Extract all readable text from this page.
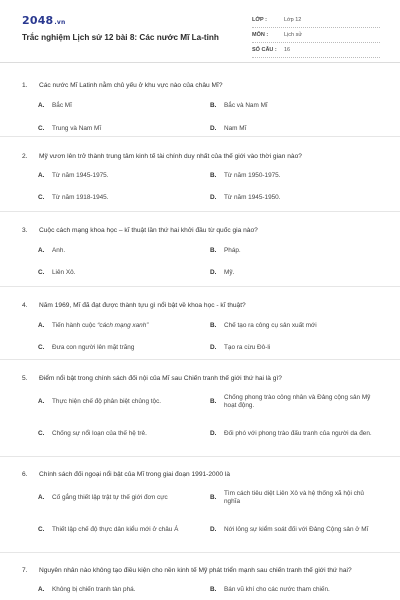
2048.vn
Trắc nghiệm Lịch sử 12 bài 8: Các nước Mĩ La-tinh
LỚP :	Lớp 12
MÔN :	Lịch sử
SỐ CÂU :	16
1.	Các nước Mĩ Latinh nằm chủ yếu ở khu vực nào của châu Mĩ?
A.	Bắc Mĩ	B.	Bắc và Nam Mĩ
C.	Trung và Nam Mĩ	D.	Nam Mĩ
2.	Mỹ vươn lên trở thành trung tâm kinh tế tài chính duy nhất của thế giới vào thời gian nào?
A.	Từ năm 1945-1975.	B.	Từ năm 1950-1975.
C.	Từ năm 1918-1945.	D.	Từ năm 1945-1950.
3.	Cuộc cách mạng khoa học – kĩ thuật lần thứ hai khởi đầu từ quốc gia nào?
A.	Anh.	B.	Pháp.
C.	Liên Xô.	D.	Mỹ.
4.	Năm 1969, Mĩ đã đạt được thành tựu gì nổi bật về khoa học - kĩ thuật?
A.	Tiến hành cuộc “cách mạng xanh”	B.	Chế tạo ra công cụ sản xuất mới
C.	Đưa con người lên mặt trăng	D.	Tạo ra cừu Đô-li
5.	Điểm nổi bật trong chính sách đối nội của Mĩ sau Chiến tranh thế giới thứ hai là gì?
A.	Thực hiện chế độ phân biệt chủng tộc.	B.
Chống phong trào công nhân và Đảng cộng sản Mỹ hoạt động.
C.	Chống sự nổi loạn của thế hệ trẻ.	D.	Đối phó với phong trào đấu tranh của người da đen.
6.	Chính sách đối ngoại nổi bật của Mĩ trong giai đoạn 1991-2000 là
A.	Cố gắng thiết lập trật tự thế giới đơn cực	B.
Tìm cách tiêu diệt Liên Xô và hệ thống xã hội chủ nghĩa
C.	Thiết lập chế độ thực dân kiểu mới ở châu Á	D.	Nới lỏng sự kiểm soát đối với Đảng Cộng sản ở Mĩ
7.	Nguyên nhân nào không tạo điều kiện cho nền kinh tế Mỹ phát triển mạnh sau chiến tranh thế giới thứ hai?
A.	Không bị chiến tranh tàn phá.	B.	Bán vũ khí cho các nước tham chiến.
